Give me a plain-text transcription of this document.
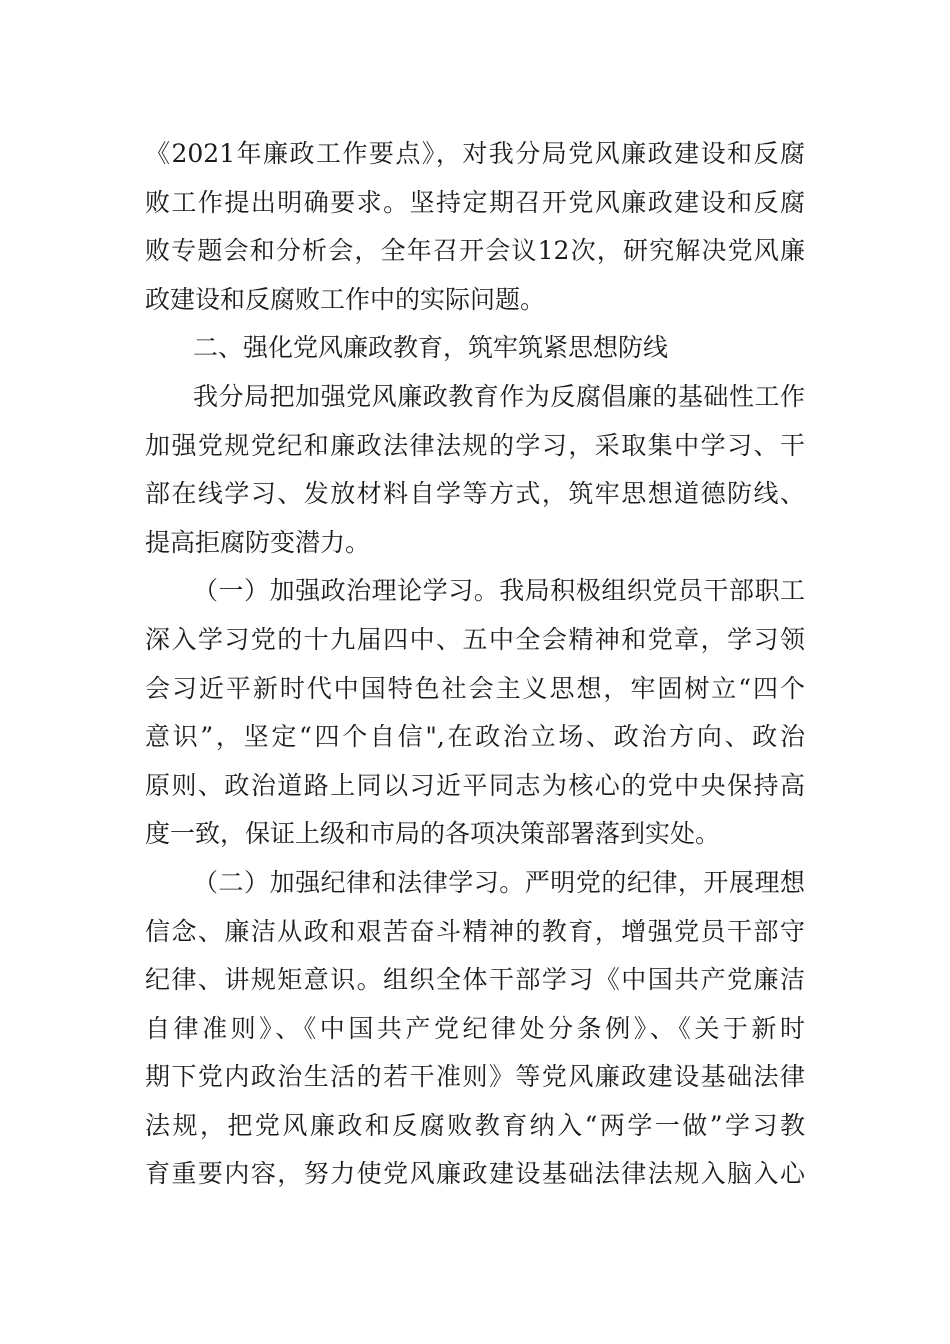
《2021年廉政工作要点》，对我分局党风廉政建设和反腐
败工作提出明确要求。坚持定期召开党风廉政建设和反腐
败专题会和分析会，全年召开会议12次，研究解决党风廉
政建设和反腐败工作中的实际问题。
二、强化党风廉政教育，筑牢筑紧思想防线
我分局把加强党风廉政教育作为反腐倡廉的基础性工作
加强党规党纪和廉政法律法规的学习，采取集中学习、干
部在线学习、发放材料自学等方式，筑牢思想道德防线、
提高拒腐防变潜力。
（一）加强政治理论学习。我局积极组织党员干部职工
深入学习党的十九届四中、五中全会精神和党章，学习领
会习近平新时代中国特色社会主义思想，牢固树立“四个
意识”，坚定“四个自信",在政治立场、政治方向、政治
原则、政治道路上同以习近平同志为核心的党中央保持高
度一致，保证上级和市局的各项决策部署落到实处。
（二）加强纪律和法律学习。严明党的纪律，开展理想
信念、廉洁从政和艰苦奋斗精神的教育，增强党员干部守
纪律、讲规矩意识。组织全体干部学习《中国共产党廉洁
自律准则》、《中国共产党纪律处分条例》、《关于新时
期下党内政治生活的若干准则》等党风廉政建设基础法律
法规，把党风廉政和反腐败教育纳入“两学一做”学习教
育重要内容，努力使党风廉政建设基础法律法规入脑入心
